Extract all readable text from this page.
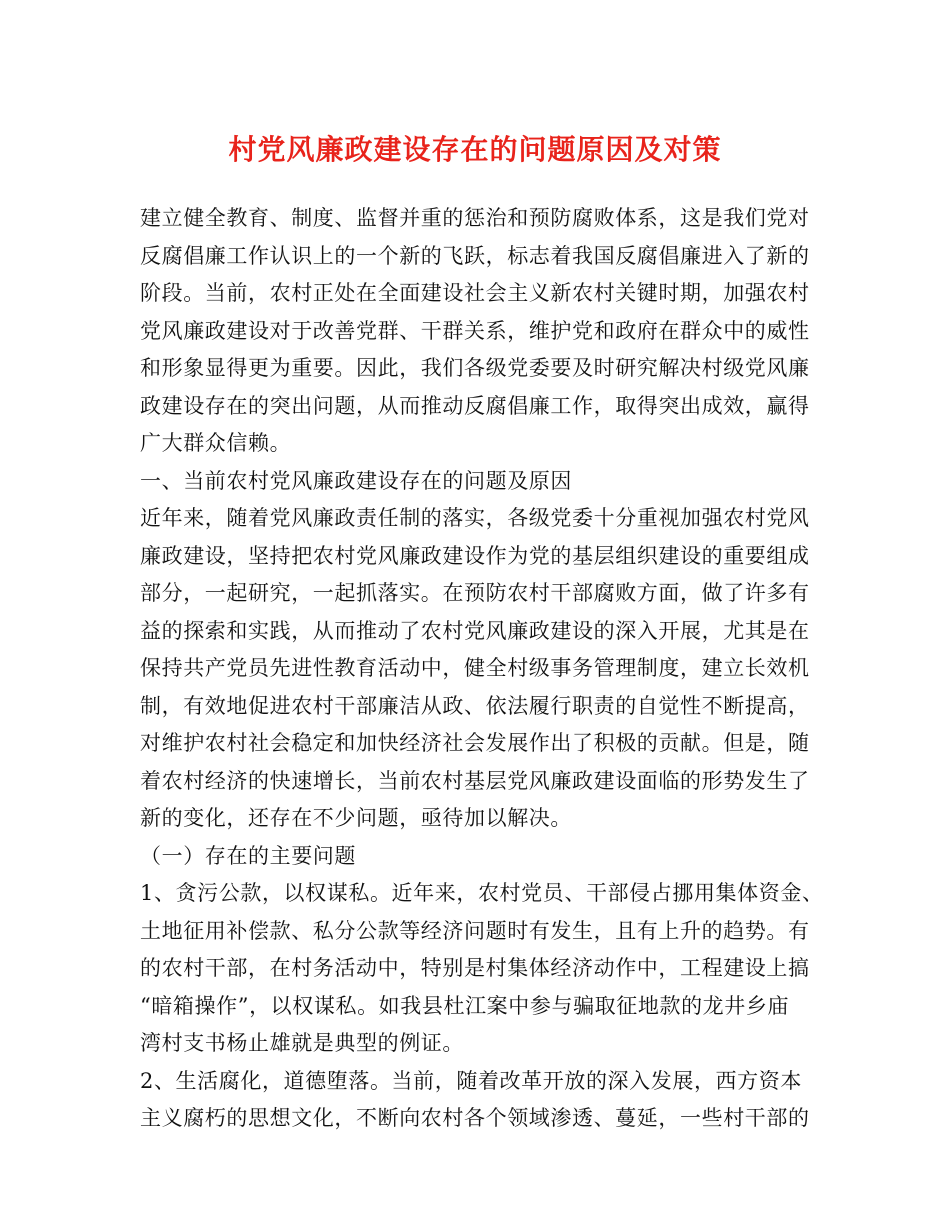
村党风廉政建设存在的问题原因及对策
建立健全教育、制度、监督并重的惩治和预防腐败体系，这是我们党对
反腐倡廉工作认识上的一个新的飞跃，标志着我国反腐倡廉进入了新的
阶段。当前，农村正处在全面建设社会主义新农村关键时期，加强农村
党风廉政建设对于改善党群、干群关系，维护党和政府在群众中的威性
和形象显得更为重要。因此，我们各级党委要及时研究解决村级党风廉
政建设存在的突出问题，从而推动反腐倡廉工作，取得突出成效，赢得
广大群众信赖。
一、当前农村党风廉政建设存在的问题及原因
近年来，随着党风廉政责任制的落实，各级党委十分重视加强农村党风
廉政建设，坚持把农村党风廉政建设作为党的基层组织建设的重要组成
部分，一起研究，一起抓落实。在预防农村干部腐败方面，做了许多有
益的探索和实践，从而推动了农村党风廉政建设的深入开展，尤其是在
保持共产党员先进性教育活动中，健全村级事务管理制度，建立长效机
制，有效地促进农村干部廉洁从政、依法履行职责的自觉性不断提高，
对维护农村社会稳定和加快经济社会发展作出了积极的贡献。但是，随
着农村经济的快速增长，当前农村基层党风廉政建设面临的形势发生了
新的变化，还存在不少问题，亟待加以解决。
（一）存在的主要问题
1、贪污公款，以权谋私。近年来，农村党员、干部侵占挪用集体资金、
土地征用补偿款、私分公款等经济问题时有发生，且有上升的趋势。有
的农村干部，在村务活动中，特别是村集体经济动作中，工程建设上搞
“暗箱操作”，以权谋私。如我县杜江案中参与骗取征地款的龙井乡庙
湾村支书杨止雄就是典型的例证。
2、生活腐化，道德堕落。当前，随着改革开放的深入发展，西方资本
主义腐朽的思想文化，不断向农村各个领域渗透、蔓延，一些村干部的
